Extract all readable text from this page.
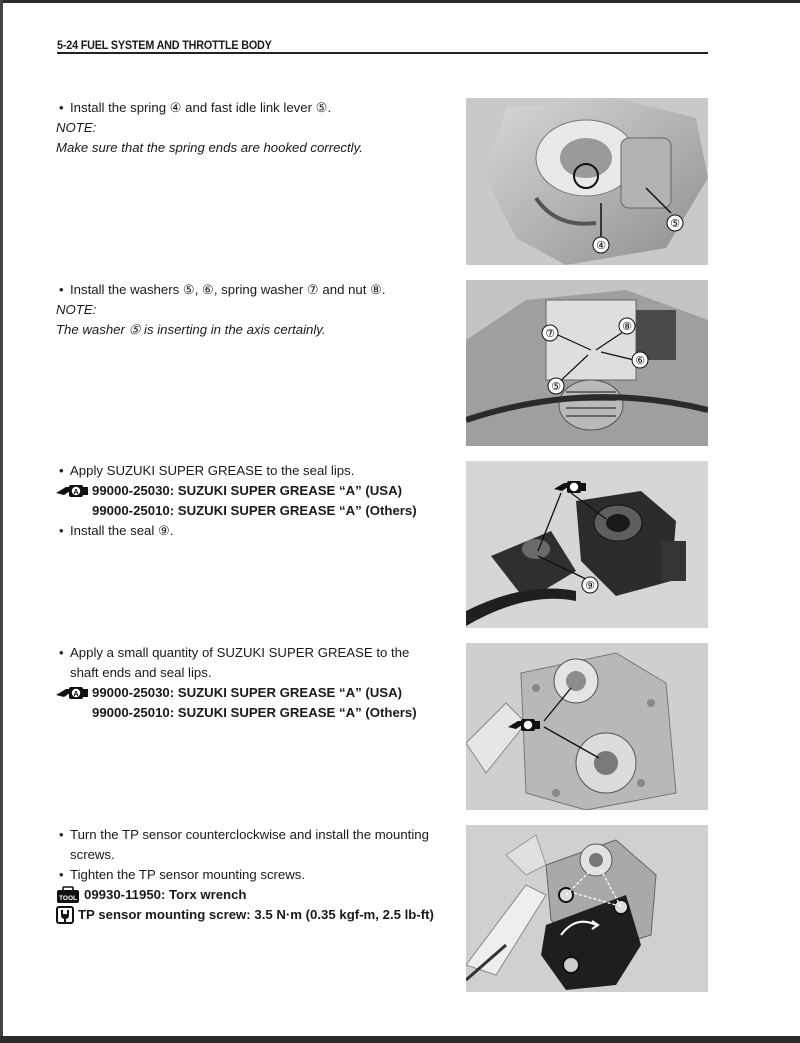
5-24 FUEL SYSTEM AND THROTTLE BODY
• Install the spring ④ and fast idle link lever ⑤.
NOTE:
Make sure that the spring ends are hooked correctly.
④
⑤
• Install the washers ⑤, ⑥, spring washer ⑦ and nut ⑧.
NOTE:
The washer ⑤ is inserting in the axis certainly.	⑦
⑧
⑥
⑤
• Apply SUZUKI SUPER GREASE to the seal lips.
A 99000-25030: SUZUKI SUPER GREASE “A” (USA)
99000-25010: SUZUKI SUPER GREASE “A” (Others)
• Install the seal ⑨.
⑨
• Apply a small quantity of SUZUKI SUPER GREASE to the
shaft ends and seal lips.
A 99000-25030: SUZUKI SUPER GREASE “A” (USA)
99000-25010: SUZUKI SUPER GREASE “A” (Others)
• Turn the TP sensor counterclockwise and install the mounting
screws.
• Tighten the TP sensor mounting screws.
TOOL 09930-11950: Torx wrench
TP sensor mounting screw: 3.5 N·m (0.35 kgf-m, 2.5 lb-ft)
